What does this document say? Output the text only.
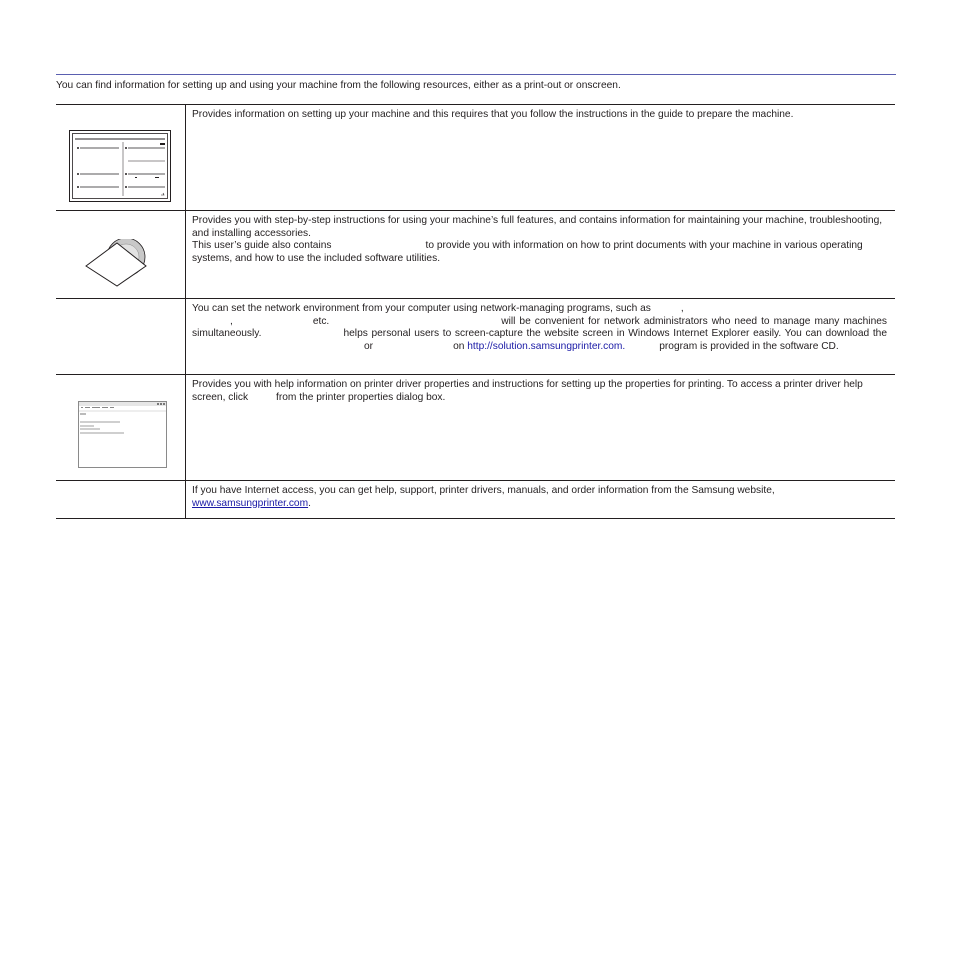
You can find information for setting up and using your machine from the following resources, either as a print-out or onscreen.

Provides information on setting up your machine and this requires that you follow the instructions in the guide to prepare the machine.

Provides you with step-by-step instructions for using your machine’s full features, and contains information for maintaining your machine, troubleshooting, and installing accessories.

This user’s guide also contains to provide you with information on how to print documents with your machine in various operating systems, and how to use the included software utilities.

	You can set the network environment from your computer using network-managing programs, such as ,
, etc. will be convenient for network administrators who need to manage many machines simultaneously. helps personal users to screen-capture the website screen in Windows Internet Explorer easily. You can download theor on http://solution.samsungprinter.com. program is provided in the software CD.

Provides you with help information on printer driver properties and instructions for setting up the properties for printing. To access a printer driver help screen, click from the printer properties dialog box.

	If you have Internet access, you can get help, support, printer drivers, manuals, and order information from the Samsung website, www.samsungprinter.com.
